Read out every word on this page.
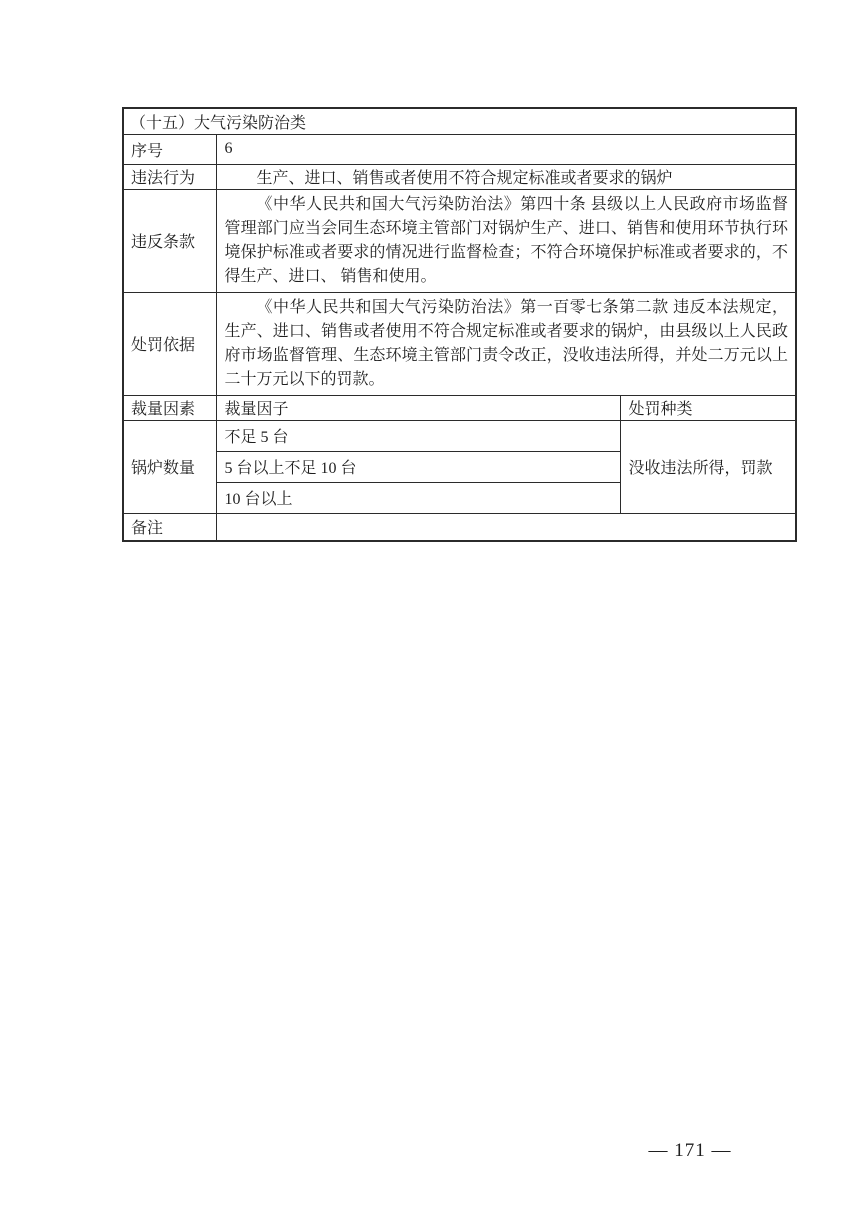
（十五）大气污染防治类		
序号	6	
违法行为	生产、进口、销售或者使用不符合规定标准或者要求的锅炉	

违反条款	《中华人民共和国大气污染防治法》第四十条 县级以上人民政府市场监督管理部门应当会同生态环境主管部门对锅炉生产、进口、销售和使用环节执行环境保护标准或者要求的情况进行监督检查；不符合环境保护标准或者要求的，不得生产、进口、 销售和使用。	

处罚依据	《中华人民共和国大气污染防治法》第一百零七条第二款 违反本法规定，生产、进口、销售或者使用不符合规定标准或者要求的锅炉，由县级以上人民政府市场监督管理、生态环境主管部门责令改正，没收违法所得，并处二万元以上二十万元以下的罚款。	

裁量因素	裁量因子	处罚种类
锅炉数量	不足 5 台	没收违法所得，罚款
	5 台以上不足 10 台	
	10 台以上	
备注		
— 171 —
